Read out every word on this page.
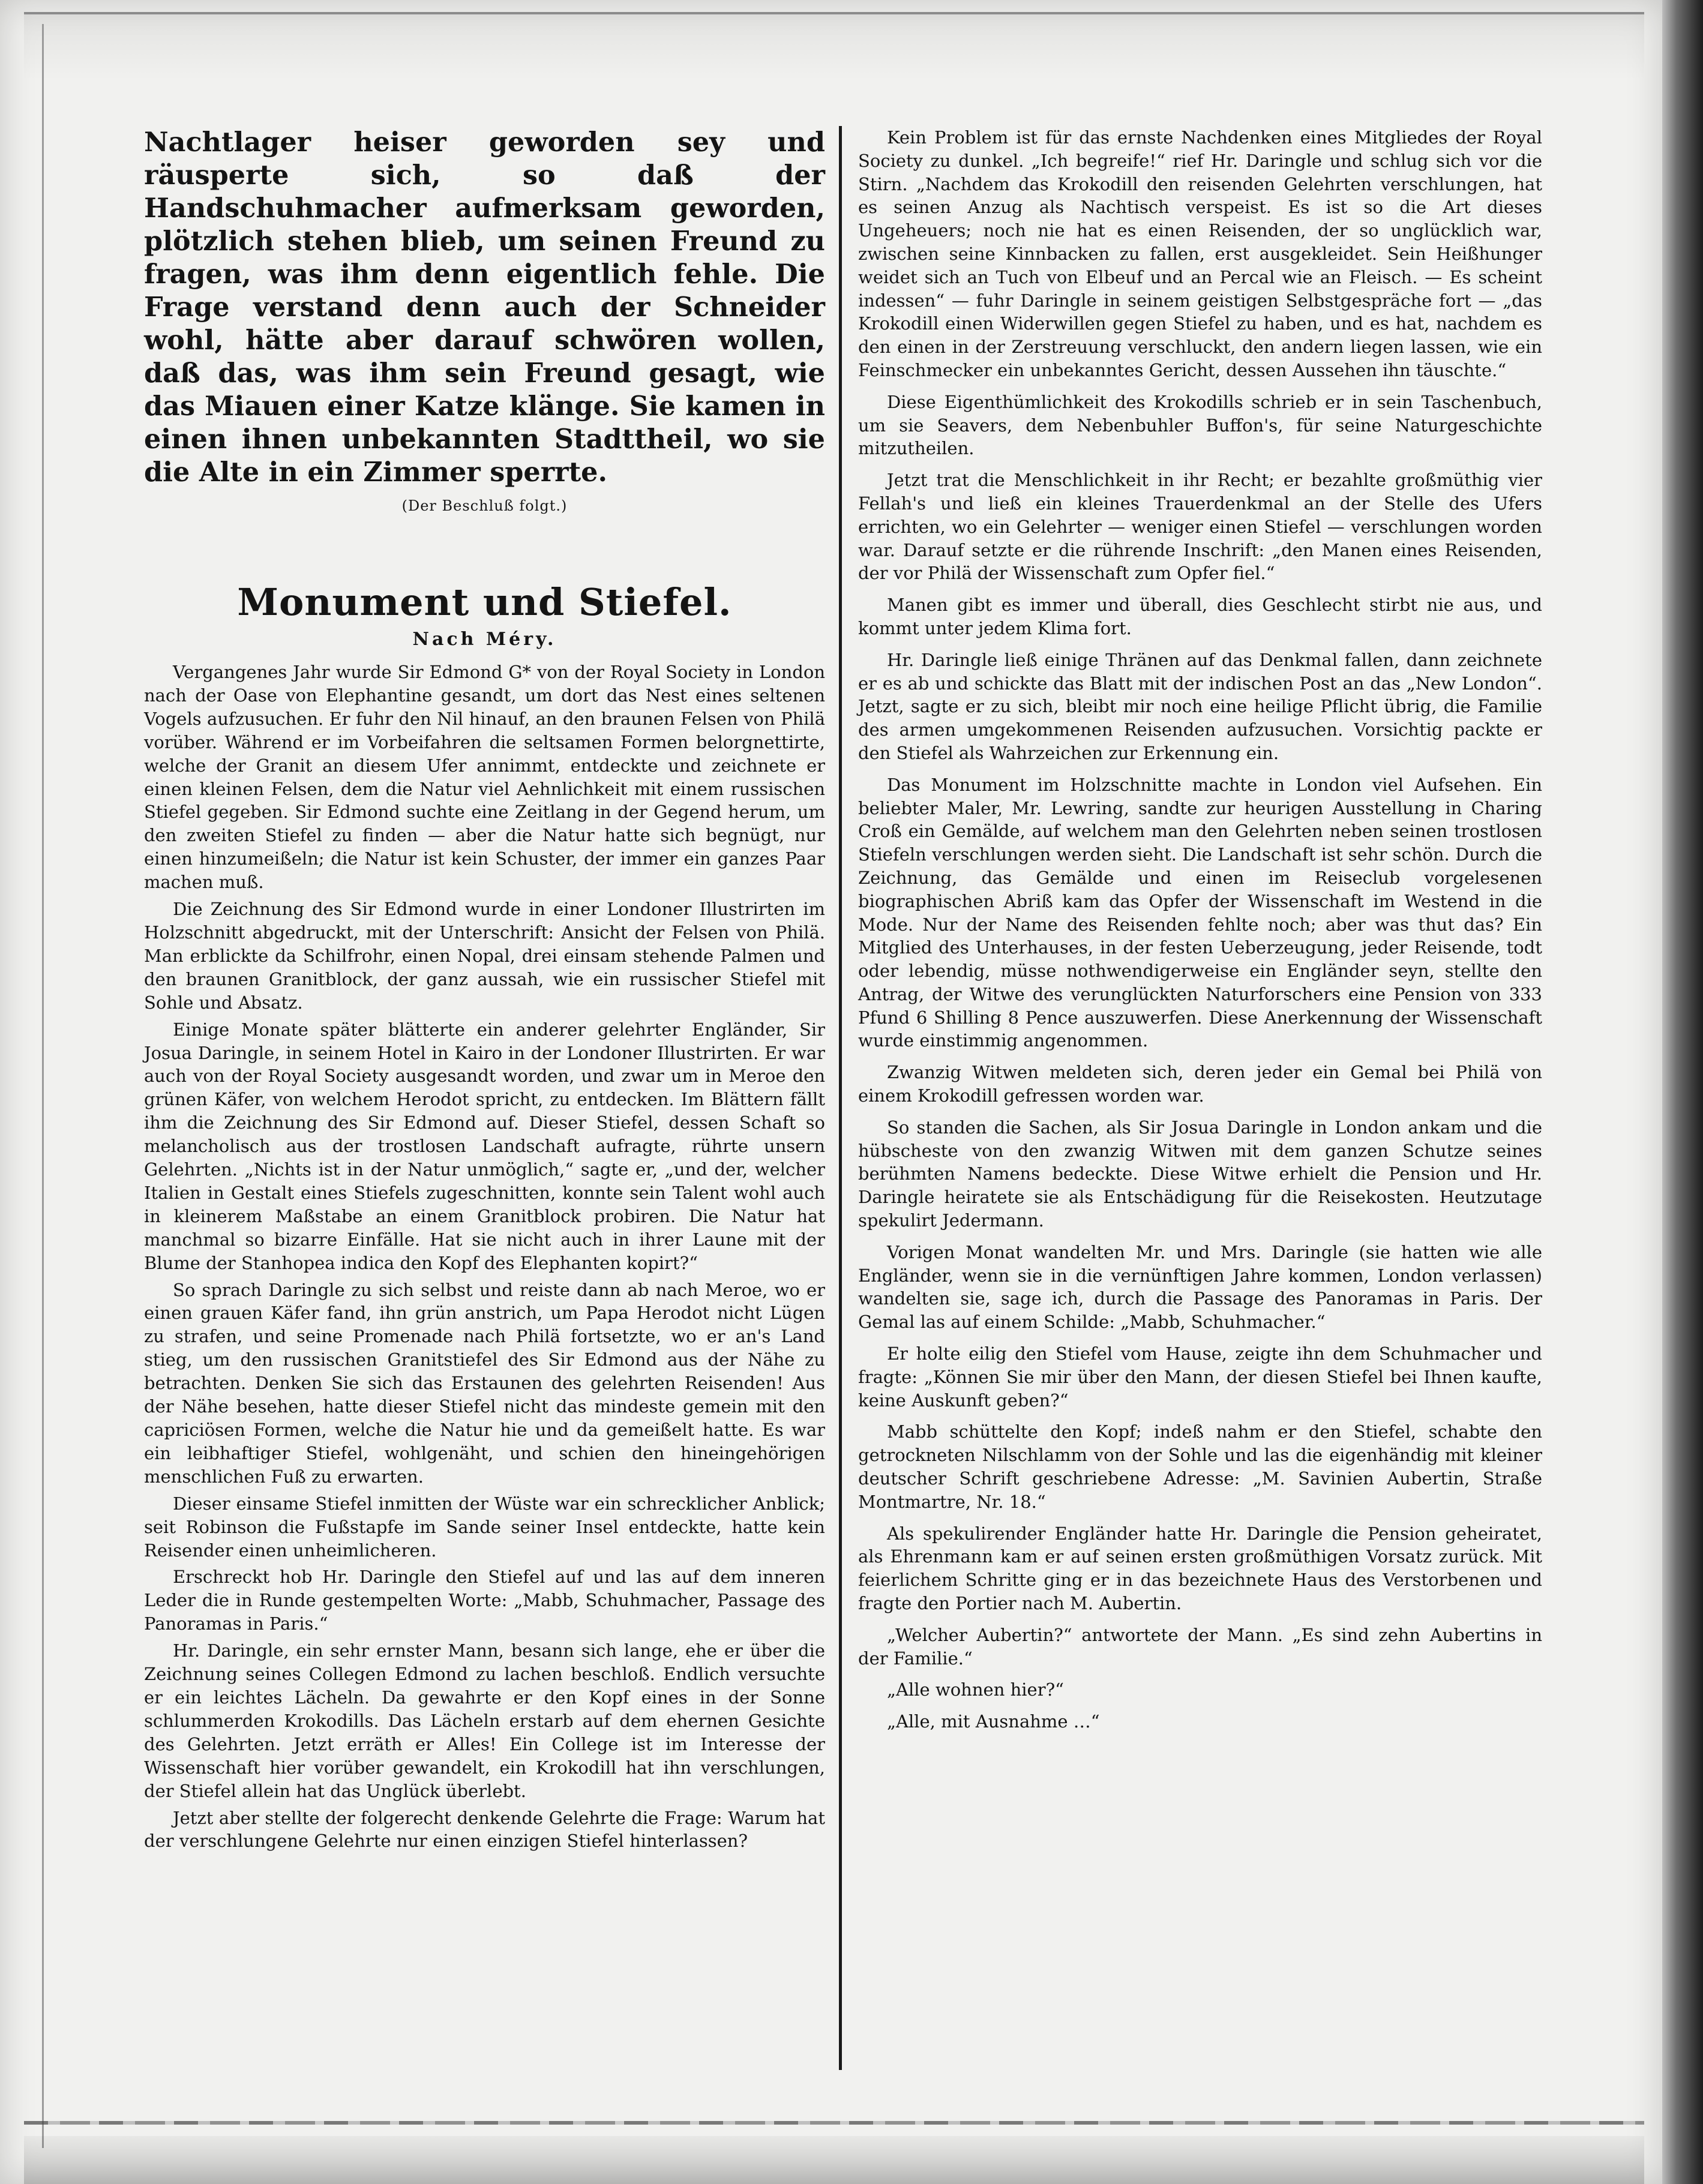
Nachtlager heiser geworden sey und räusperte sich, so daß der Handschuhmacher aufmerksam geworden, plötzlich stehen blieb, um seinen Freund zu fragen, was ihm denn eigentlich fehle. Die Frage verstand denn auch der Schneider wohl, hätte aber darauf schwören wollen, daß das, was ihm sein Freund gesagt, wie das Miauen einer Katze klänge. Sie kamen in einen ihnen unbekannten Stadttheil, wo sie die Alte in ein Zimmer sperrte.

(Der Beschluß folgt.)

Monument und Stiefel.
Nach Méry.

Vergangenes Jahr wurde Sir Edmond G* von der Royal Society in London nach der Oase von Elephantine gesandt, um dort das Nest eines seltenen Vogels aufzusuchen. Er fuhr den Nil hinauf, an den braunen Felsen von Philä vorüber. Während er im Vorbeifahren die seltsamen Formen belorgnettirte, welche der Granit an diesem Ufer annimmt, entdeckte und zeichnete er einen kleinen Felsen, dem die Natur viel Aehnlichkeit mit einem russischen Stiefel gegeben. Sir Edmond suchte eine Zeitlang in der Gegend herum, um den zweiten Stiefel zu finden — aber die Natur hatte sich begnügt, nur einen hinzumeißeln; die Natur ist kein Schuster, der immer ein ganzes Paar machen muß.

Die Zeichnung des Sir Edmond wurde in einer Londoner Illustrirten im Holzschnitt abgedruckt, mit der Unterschrift: Ansicht der Felsen von Philä. Man erblickte da Schilfrohr, einen Nopal, drei einsam stehende Palmen und den braunen Granitblock, der ganz aussah, wie ein russischer Stiefel mit Sohle und Absatz.

Einige Monate später blätterte ein anderer gelehrter Engländer, Sir Josua Daringle, in seinem Hotel in Kairo in der Londoner Illustrirten. Er war auch von der Royal Society ausgesandt worden, und zwar um in Meroe den grünen Käfer, von welchem Herodot spricht, zu entdecken. Im Blättern fällt ihm die Zeichnung des Sir Edmond auf. Dieser Stiefel, dessen Schaft so melancholisch aus der trostlosen Landschaft aufragte, rührte unsern Gelehrten. „Nichts ist in der Natur unmöglich,“ sagte er, „und der, welcher Italien in Gestalt eines Stiefels zugeschnitten, konnte sein Talent wohl auch in kleinerem Maßstabe an einem Granitblock probiren. Die Natur hat manchmal so bizarre Einfälle. Hat sie nicht auch in ihrer Laune mit der Blume der Stanhopea indica den Kopf des Elephanten kopirt?“

So sprach Daringle zu sich selbst und reiste dann ab nach Meroe, wo er einen grauen Käfer fand, ihn grün anstrich, um Papa Herodot nicht Lügen zu strafen, und seine Promenade nach Philä fortsetzte, wo er an's Land stieg, um den russischen Granitstiefel des Sir Edmond aus der Nähe zu betrachten. Denken Sie sich das Erstaunen des gelehrten Reisenden! Aus der Nähe besehen, hatte dieser Stiefel nicht das mindeste gemein mit den capriciösen Formen, welche die Natur hie und da gemeißelt hatte. Es war ein leibhaftiger Stiefel, wohlgenäht, und schien den hineingehörigen menschlichen Fuß zu erwarten.

Dieser einsame Stiefel inmitten der Wüste war ein schrecklicher Anblick; seit Robinson die Fußstapfe im Sande seiner Insel entdeckte, hatte kein Reisender einen unheimlicheren.

Erschreckt hob Hr. Daringle den Stiefel auf und las auf dem inneren Leder die in Runde gestempelten Worte: „Mabb, Schuhmacher, Passage des Panoramas in Paris.“

Hr. Daringle, ein sehr ernster Mann, besann sich lange, ehe er über die Zeichnung seines Collegen Edmond zu lachen beschloß. Endlich versuchte er ein leichtes Lächeln. Da gewahrte er den Kopf eines in der Sonne schlummerden Krokodills. Das Lächeln erstarb auf dem ehernen Gesichte des Gelehrten. Jetzt erräth er Alles! Ein College ist im Interesse der Wissenschaft hier vorüber gewandelt, ein Krokodill hat ihn verschlungen, der Stiefel allein hat das Unglück überlebt.

Jetzt aber stellte der folgerecht denkende Gelehrte die Frage: Warum hat der verschlungene Gelehrte nur einen einzigen Stiefel hinterlassen?

Kein Problem ist für das ernste Nachdenken eines Mitgliedes der Royal Society zu dunkel. „Ich begreife!“ rief Hr. Daringle und schlug sich vor die Stirn. „Nachdem das Krokodill den reisenden Gelehrten verschlungen, hat es seinen Anzug als Nachtisch verspeist. Es ist so die Art dieses Ungeheuers; noch nie hat es einen Reisenden, der so unglücklich war, zwischen seine Kinnbacken zu fallen, erst ausgekleidet. Sein Heißhunger weidet sich an Tuch von Elbeuf und an Percal wie an Fleisch. — Es scheint indessen“ — fuhr Daringle in seinem geistigen Selbstgespräche fort — „das Krokodill einen Widerwillen gegen Stiefel zu haben, und es hat, nachdem es den einen in der Zerstreuung verschluckt, den andern liegen lassen, wie ein Feinschmecker ein unbekanntes Gericht, dessen Aussehen ihn täuschte.“

Diese Eigenthümlichkeit des Krokodills schrieb er in sein Taschenbuch, um sie Seavers, dem Nebenbuhler Buffon's, für seine Naturgeschichte mitzutheilen.

Jetzt trat die Menschlichkeit in ihr Recht; er bezahlte großmüthig vier Fellah's und ließ ein kleines Trauerdenkmal an der Stelle des Ufers errichten, wo ein Gelehrter — weniger einen Stiefel — verschlungen worden war. Darauf setzte er die rührende Inschrift: „den Manen eines Reisenden, der vor Philä der Wissenschaft zum Opfer fiel.“

Manen gibt es immer und überall, dies Geschlecht stirbt nie aus, und kommt unter jedem Klima fort.

Hr. Daringle ließ einige Thränen auf das Denkmal fallen, dann zeichnete er es ab und schickte das Blatt mit der indischen Post an das „New London“. Jetzt, sagte er zu sich, bleibt mir noch eine heilige Pflicht übrig, die Familie des armen umgekommenen Reisenden aufzusuchen. Vorsichtig packte er den Stiefel als Wahrzeichen zur Erkennung ein.

Das Monument im Holzschnitte machte in London viel Aufsehen. Ein beliebter Maler, Mr. Lewring, sandte zur heurigen Ausstellung in Charing Croß ein Gemälde, auf welchem man den Gelehrten neben seinen trostlosen Stiefeln verschlungen werden sieht. Die Landschaft ist sehr schön. Durch die Zeichnung, das Gemälde und einen im Reiseclub vorgelesenen biographischen Abriß kam das Opfer der Wissenschaft im Westend in die Mode. Nur der Name des Reisenden fehlte noch; aber was thut das? Ein Mitglied des Unterhauses, in der festen Ueberzeugung, jeder Reisende, todt oder lebendig, müsse nothwendigerweise ein Engländer seyn, stellte den Antrag, der Witwe des verunglückten Naturforschers eine Pension von 333 Pfund 6 Shilling 8 Pence auszuwerfen. Diese Anerkennung der Wissenschaft wurde einstimmig angenommen.

Zwanzig Witwen meldeten sich, deren jeder ein Gemal bei Philä von einem Krokodill gefressen worden war.

So standen die Sachen, als Sir Josua Daringle in London ankam und die hübscheste von den zwanzig Witwen mit dem ganzen Schutze seines berühmten Namens bedeckte. Diese Witwe erhielt die Pension und Hr. Daringle heiratete sie als Entschädigung für die Reisekosten. Heutzutage spekulirt Jedermann.

Vorigen Monat wandelten Mr. und Mrs. Daringle (sie hatten wie alle Engländer, wenn sie in die vernünftigen Jahre kommen, London verlassen) wandelten sie, sage ich, durch die Passage des Panoramas in Paris. Der Gemal las auf einem Schilde: „Mabb, Schuhmacher.“

Er holte eilig den Stiefel vom Hause, zeigte ihn dem Schuhmacher und fragte: „Können Sie mir über den Mann, der diesen Stiefel bei Ihnen kaufte, keine Auskunft geben?“

Mabb schüttelte den Kopf; indeß nahm er den Stiefel, schabte den getrockneten Nilschlamm von der Sohle und las die eigenhändig mit kleiner deutscher Schrift geschriebene Adresse: „M. Savinien Aubertin, Straße Montmartre, Nr. 18.“

Als spekulirender Engländer hatte Hr. Daringle die Pension geheiratet, als Ehrenmann kam er auf seinen ersten großmüthigen Vorsatz zurück. Mit feierlichem Schritte ging er in das bezeichnete Haus des Verstorbenen und fragte den Portier nach M. Aubertin.

„Welcher Aubertin?“ antwortete der Mann. „Es sind zehn Aubertins in der Familie.“

„Alle wohnen hier?“

„Alle, mit Ausnahme …“
